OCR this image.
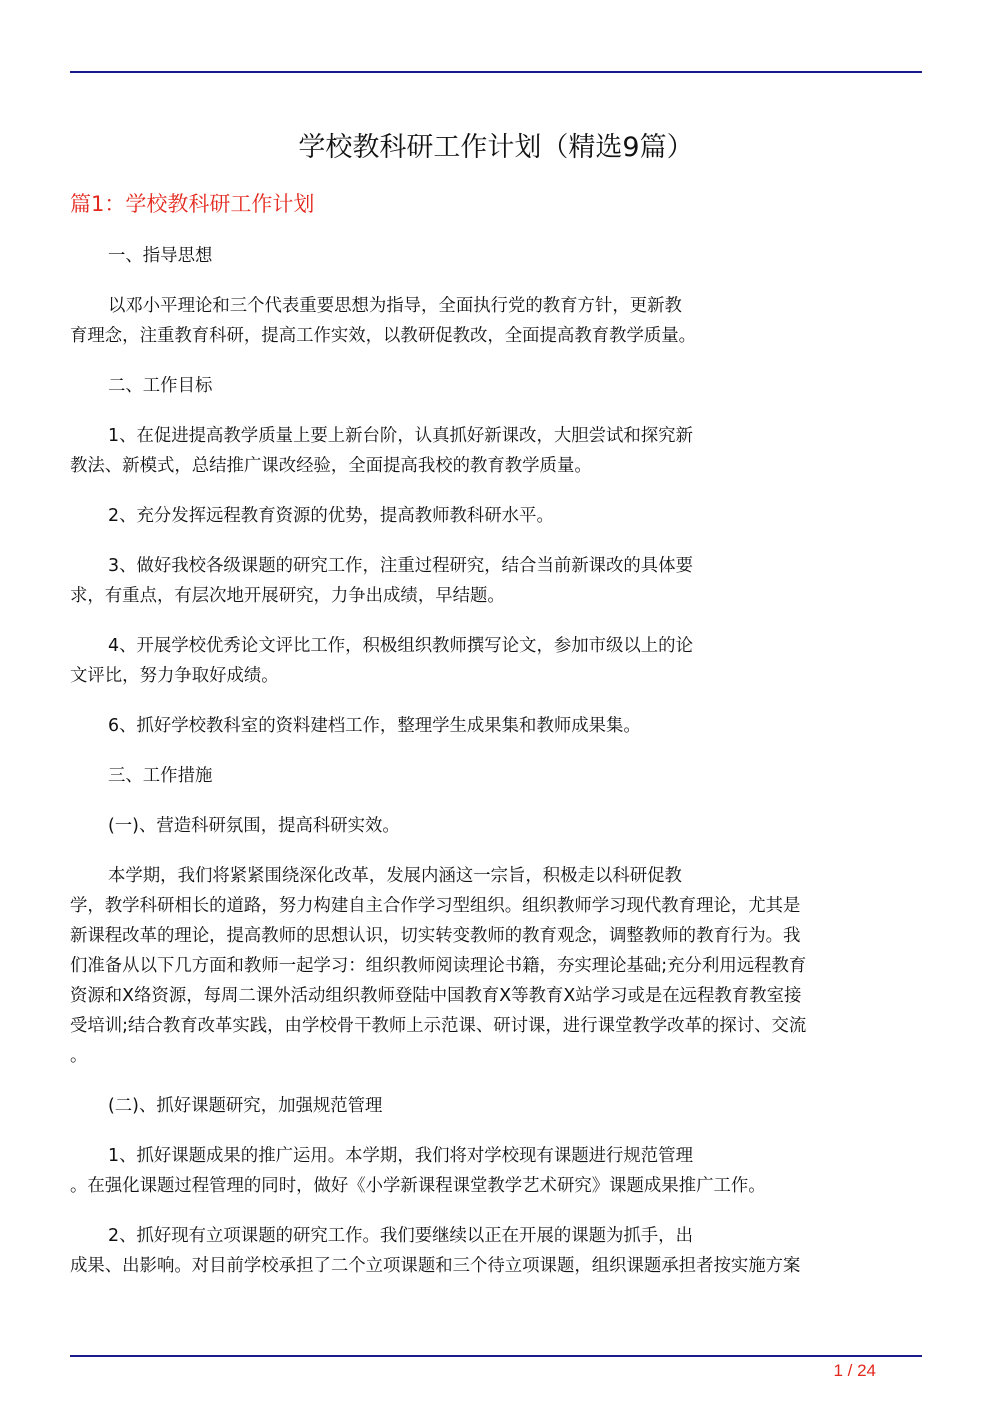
学校教科研工作计划（精选9篇）
篇1：学校教科研工作计划

一、指导思想

以邓小平理论和三个代表重要思想为指导，全面执行党的教育方针，更新教
育理念，注重教育科研，提高工作实效，以教研促教改，全面提高教育教学质量。

二、工作目标

1、在促进提高教学质量上要上新台阶，认真抓好新课改，大胆尝试和探究新
教法、新模式，总结推广课改经验，全面提高我校的教育教学质量。

2、充分发挥远程教育资源的优势，提高教师教科研水平。

3、做好我校各级课题的研究工作，注重过程研究，结合当前新课改的具体要
求，有重点，有层次地开展研究，力争出成绩，早结题。

4、开展学校优秀论文评比工作，积极组织教师撰写论文，参加市级以上的论
文评比，努力争取好成绩。

6、抓好学校教科室的资料建档工作，整理学生成果集和教师成果集。

三、工作措施

(一)、营造科研氛围，提高科研实效。

本学期，我们将紧紧围绕深化改革，发展内涵这一宗旨，积极走以科研促教
学，教学科研相长的道路，努力构建自主合作学习型组织。组织教师学习现代教育理论，尤其是
新课程改革的理论，提高教师的思想认识，切实转变教师的教育观念，调整教师的教育行为。我
们准备从以下几方面和教师一起学习：组织教师阅读理论书籍，夯实理论基础;充分利用远程教育
资源和X络资源，每周二课外活动组织教师登陆中国教育X等教育X站学习或是在远程教育教室接
受培训;结合教育改革实践，由学校骨干教师上示范课、研讨课，进行课堂教学改革的探讨、交流
。

(二)、抓好课题研究，加强规范管理

1、抓好课题成果的推广运用。本学期，我们将对学校现有课题进行规范管理
。在强化课题过程管理的同时，做好《小学新课程课堂教学艺术研究》课题成果推广工作。

2、抓好现有立项课题的研究工作。我们要继续以正在开展的课题为抓手，出
成果、出影响。对目前学校承担了二个立项课题和三个待立项课题，组织课题承担者按实施方案

1 / 24
